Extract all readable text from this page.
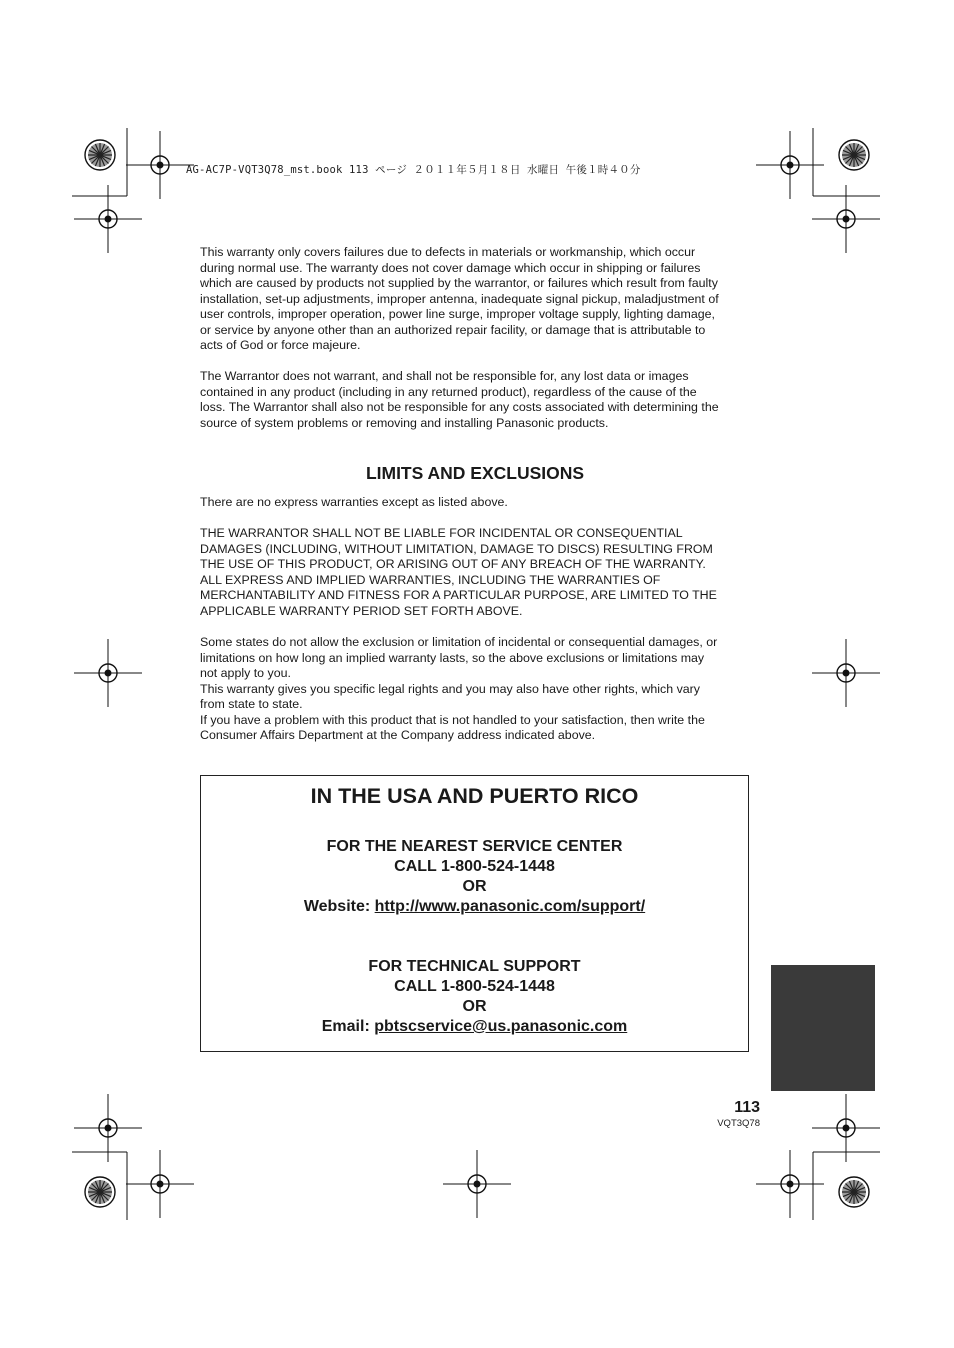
AG-AC7P-VQT3Q78_mst.book 113 ページ ２０１１年５月１８日 水曜日 午後１時４０分

This warranty only covers failures due to defects in materials or workmanship, which occur
during normal use. The warranty does not cover damage which occur in shipping or failures
which are caused by products not supplied by the warrantor, or failures which result from faulty
installation, set-up adjustments, improper antenna, inadequate signal pickup, maladjustment of
user controls, improper operation, power line surge, improper voltage supply, lighting damage,
or service by anyone other than an authorized repair facility, or damage that is attributable to
acts of God or force majeure.

The Warrantor does not warrant, and shall not be responsible for, any lost data or images
contained in any product (including in any returned product), regardless of the cause of the
loss. The Warrantor shall also not be responsible for any costs associated with determining the
source of system problems or removing and installing Panasonic products.

LIMITS AND EXCLUSIONS

There are no express warranties except as listed above.

THE WARRANTOR SHALL NOT BE LIABLE FOR INCIDENTAL OR CONSEQUENTIAL
DAMAGES (INCLUDING, WITHOUT LIMITATION, DAMAGE TO DISCS) RESULTING FROM
THE USE OF THIS PRODUCT, OR ARISING OUT OF ANY BREACH OF THE WARRANTY.
ALL EXPRESS AND IMPLIED WARRANTIES, INCLUDING THE WARRANTIES OF
MERCHANTABILITY AND FITNESS FOR A PARTICULAR PURPOSE, ARE LIMITED TO THE
APPLICABLE WARRANTY PERIOD SET FORTH ABOVE.

Some states do not allow the exclusion or limitation of incidental or consequential damages, or
limitations on how long an implied warranty lasts, so the above exclusions or limitations may
not apply to you.
This warranty gives you specific legal rights and you may also have other rights, which vary
from state to state.
If you have a problem with this product that is not handled to your satisfaction, then write the
Consumer Affairs Department at the Company address indicated above.

IN THE USA AND PUERTO RICO
FOR THE NEAREST SERVICE CENTER
CALL 1-800-524-1448
OR
Website: http://www.panasonic.com/support/
FOR TECHNICAL SUPPORT
CALL 1-800-524-1448
OR
Email: pbtscservice@us.panasonic.com
113
VQT3Q78
